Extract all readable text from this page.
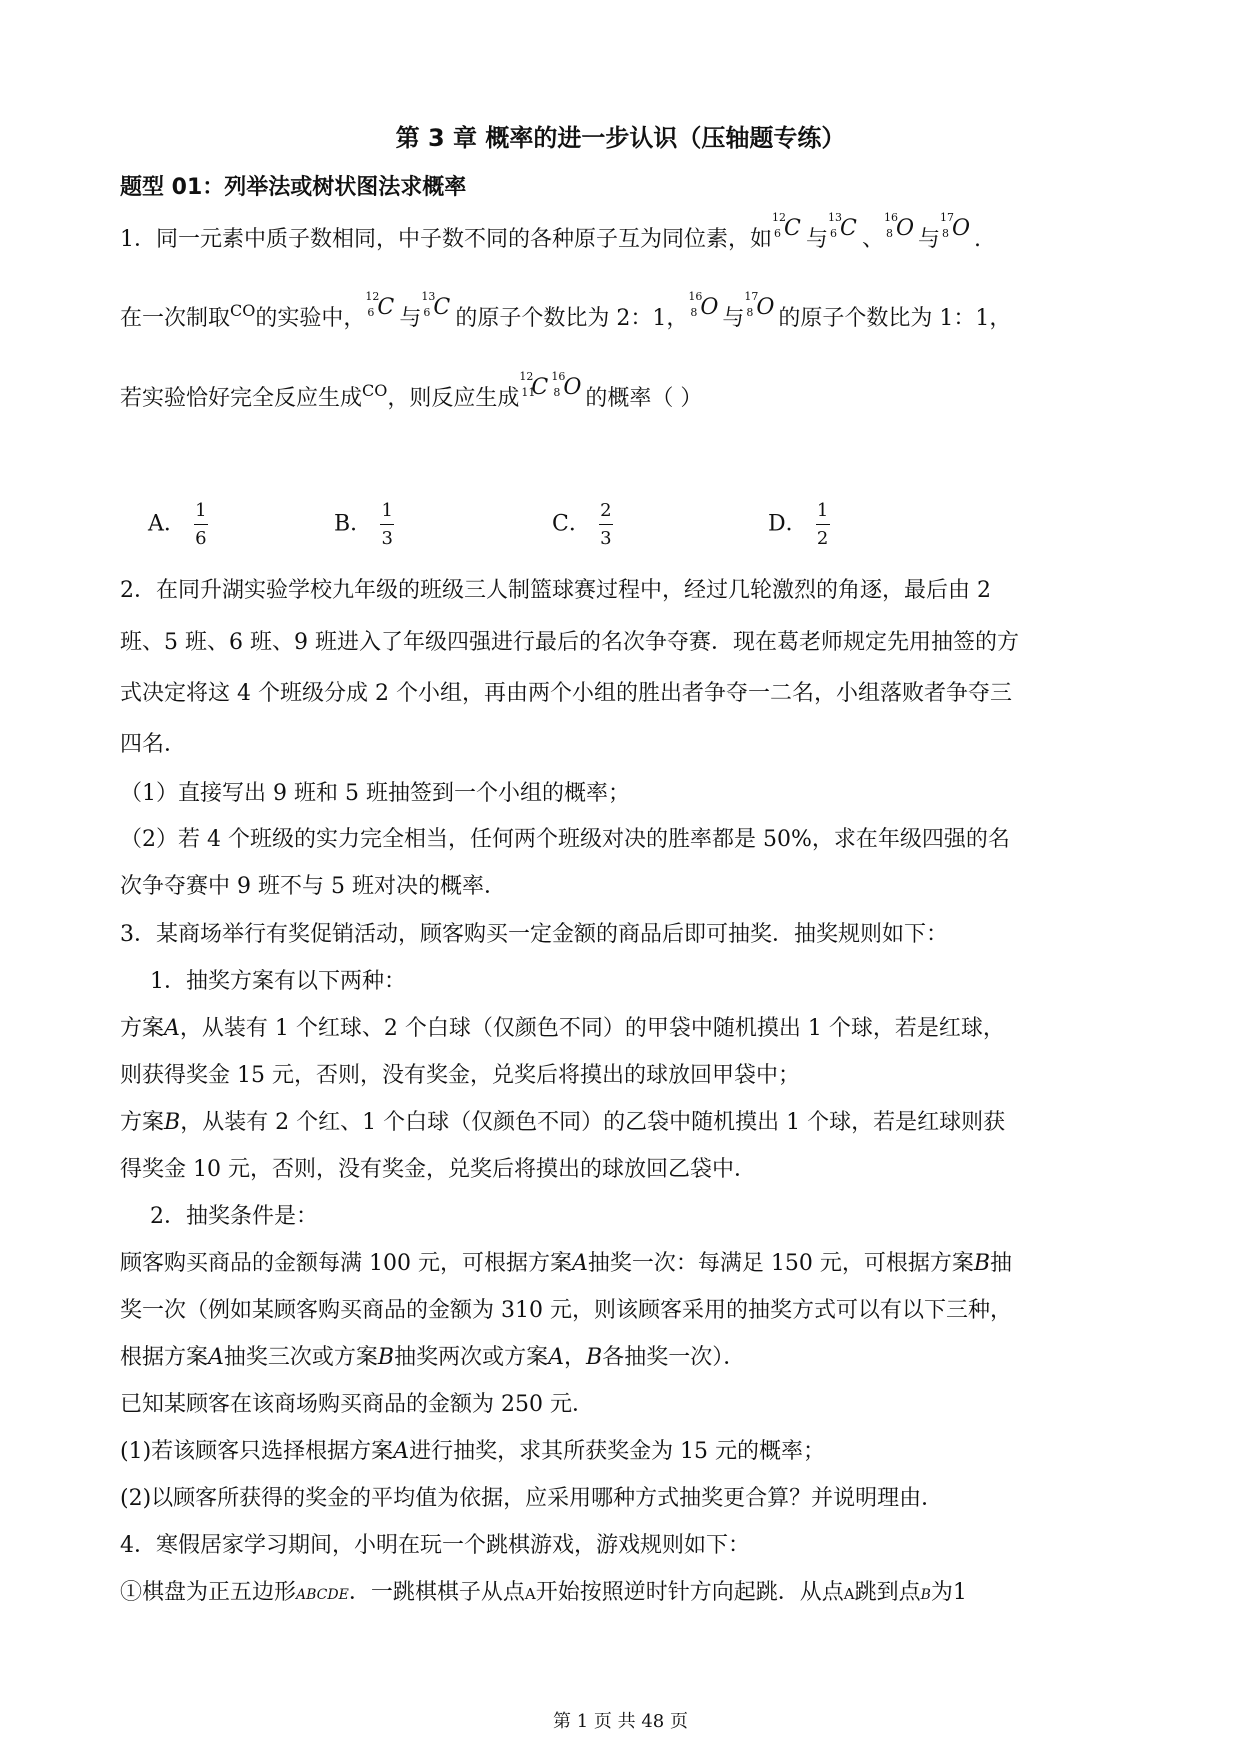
第 3 章 概率的进一步认识（压轴题专练）
题型 01：列举法或树状图法求概率
1．同一元素中质子数相同，中子数不同的各种原子互为同位素，如
12
6 C 与
13
6 C 、
16
8 O 与
17
8 O .
在一次制取$^{CO}$的实验中，
12
6 C 与
13
6 C 的原子个数比为 2：1，
16
8 O 与
17
8 O 的原子个数比为 1：1，
若实验恰好完全反应生成$^{CO}$，则反应生成
12
11
C 16
8 O 的概率（ ）
A． $\frac{1}{6}$	B． $\frac{1}{3}$	C． $\frac{2}{3}$	D． $\frac{1}{2}$
2．在同升湖实验学校九年级的班级三人制篮球赛过程中，经过几轮激烈的角逐，最后由 2
班、5 班、6 班、9 班进入了年级四强进行最后的名次争夺赛．现在葛老师规定先用抽签的方
式决定将这 4 个班级分成 2 个小组，再由两个小组的胜出者争夺一二名，小组落败者争夺三
四名．
（1）直接写出 9 班和 5 班抽签到一个小组的概率；
（2）若 4 个班级的实力完全相当，任何两个班级对决的胜率都是 50%，求在年级四强的名
次争夺赛中 9 班不与 5 班对决的概率．
3．某商场举行有奖促销活动，顾客购买一定金额的商品后即可抽奖．抽奖规则如下：
1．抽奖方案有以下两种：
方案A，从装有 1 个红球、2 个白球（仅颜色不同）的甲袋中随机摸出 1 个球，若是红球，
则获得奖金 15 元，否则，没有奖金，兑奖后将摸出的球放回甲袋中；
方案B，从装有 2 个红、1 个白球（仅颜色不同）的乙袋中随机摸出 1 个球，若是红球则获
得奖金 10 元，否则，没有奖金，兑奖后将摸出的球放回乙袋中．
2．抽奖条件是：
顾客购买商品的金额每满 100 元，可根据方案A抽奖一次：每满足 150 元，可根据方案B抽
奖一次（例如某顾客购买商品的金额为 310 元，则该顾客采用的抽奖方式可以有以下三种，
根据方案A抽奖三次或方案B抽奖两次或方案A，B各抽奖一次）．
已知某顾客在该商场购买商品的金额为 250 元．
(1)若该顾客只选择根据方案A进行抽奖，求其所获奖金为 15 元的概率；
(2)以顾客所获得的奖金的平均值为依据，应采用哪种方式抽奖更合算？并说明理由．
4．寒假居家学习期间，小明在玩一个跳棋游戏，游戏规则如下：
①棋盘为正五边形ABCDE．一跳棋棋子从点A开始按照逆时针方向起跳．从点A跳到点B为1
第 1 页 共 48 页
